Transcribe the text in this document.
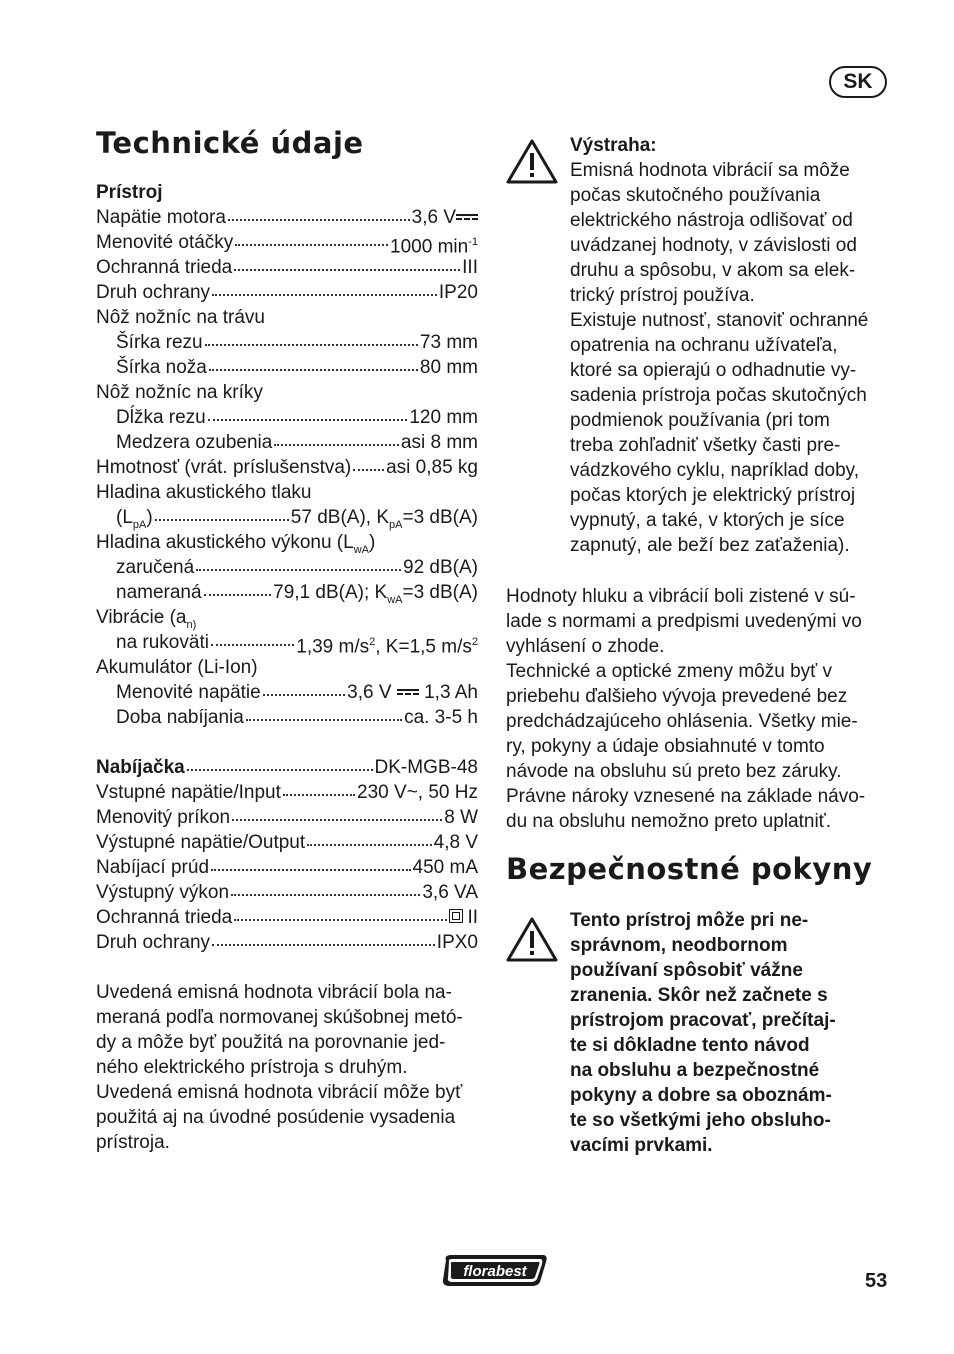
SK
Technické údaje
Prístroj
Napätie motora	3,6 V
Menovité otáčky	1000 $\min^{-1}$
Ochranná trieda	III
Druh ochrany	IP20
Nôž nožníc na trávu
Šírka rezu	73 mm
Šírka noža	80 mm
Nôž nožníc na kríky
Dĺžka rezu	120 mm
Medzera ozubenia	asi 8 mm
Hmotnosť (vrát. príslušenstva) asi 0,85 kg
Hladina akustického tlaku
$(L_{pA})$	57 dB(A), $K_{pA}=3$ dB(A)
Hladina akustického výkonu $(L_{wA})$
zaručená	92 dB(A)
nameraná	79,1 dB(A); $K_{wA}=3$ dB(A)
Vibrácie ($a_{n)}$
na rukoväti	1,39 $m/s^2$, K=1,5 $m/s^2$
Akumulátor (Li-Ion)
Menovité napätie	3,6 V 1,3 Ah
Doba nabíjania	ca. 3-5 h
Nabíjačka	DK-MGB-48
Vstupné napätie/Input	230 V~, 50 Hz
Menovitý príkon	8 W
Výstupné napätie/Output	4,8 V
Nabíjací prúd	450 mA
Výstupný výkon	3,6 VA
Ochranná trieda	II
Druh ochrany	IPX0
Uvedená emisná hodnota vibrácií bola na-
meraná podľa normovanej skúšobnej metó-
dy a môže byť použitá na porovnanie jed-
ného elektrického prístroja s druhým.
Uvedená emisná hodnota vibrácií môže byť
použitá aj na úvodné posúdenie vysadenia
prístroja.
Výstraha:
Emisná hodnota vibrácií sa môže
počas skutočného používania
elektrického nástroja odlišovať od
uvádzanej hodnoty, v závislosti od
druhu a spôsobu, v akom sa elek-
trický prístroj používa.
Existuje nutnosť, stanoviť ochranné
opatrenia na ochranu užívateľa,
ktoré sa opierajú o odhadnutie vy-
sadenia prístroja počas skutočných
podmienok používania (pri tom
treba zohľadniť všetky časti pre-
vádzkového cyklu, napríklad doby,
počas ktorých je elektrický prístroj
vypnutý, a také, v ktorých je síce
zapnutý, ale beží bez zaťaženia).
Hodnoty hluku a vibrácií boli zistené v sú-
lade s normami a predpismi uvedenými vo
vyhlásení o zhode.
Technické a optické zmeny môžu byť v
priebehu ďalšieho vývoja prevedené bez
predchádzajúceho ohlásenia. Všetky mie-
ry, pokyny a údaje obsiahnuté v tomto
návode na obsluhu sú preto bez záruky.
Právne nároky vznesené na základe návo-
du na obsluhu nemožno preto uplatniť.
Bezpečnostné pokyny
Tento prístroj môže pri ne-
správnom, neodbornom
používaní spôsobiť vážne
zranenia. Skôr než začnete s
prístrojom pracovať, prečítaj-
te si dôkladne tento návod
na obsluhu a bezpečnostné
pokyny a dobre sa oboznám-
te so všetkými jeho obsluho-
vacími prvkami.
florabest	53
